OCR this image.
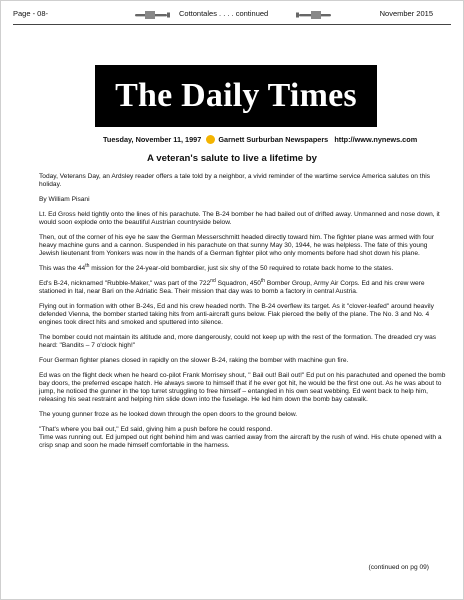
Page - 08-	Cottontales . . . . continued	November 2015
The Daily Times
Tuesday, November 11, 1997 Garnett Surburban Newspapers http://www.nynews.com
A veteran's salute to live a lifetime by

Today, Veterans Day, an Ardsley reader offers a tale told by a neighbor, a vivid reminder of the wartime service America salutes on this holiday.

By William Pisani

Lt. Ed Gross held tightly onto the lines of his parachute. The B-24 bomber he had bailed out of drifted away. Unmanned and nose down, it would soon explode onto the beautiful Austrian countryside below.

Then, out of the corner of his eye he saw the German Messerschmitt headed directly toward him. The fighter plane was armed with four heavy machine guns and a cannon. Suspended in his parachute on that sunny May 30, 1944, he was helpless. The fate of this young Jewish lieutenant from Yonkers was now in the hands of a German fighter pilot who only moments before had shot down his plane.

This was the 44th mission for the 24-year-old bombardier, just six shy of the 50 required to rotate back home to the states.

Ed's B-24, nicknamed "Rubble-Maker," was part of the 722nd Squadron, 450th Bomber Group, Army Air Corps. Ed and his crew were stationed in Ital, near Bari on the Adriatic Sea. Their mission that day was to bomb a factory in central Austria.

Flying out in formation with other B-24s, Ed and his crew headed north. The B-24 overflew its target. As it "clover-leafed" around heavily defended Vienna, the bomber started taking hits from anti-aircraft guns below. Flak pierced the belly of the plane. The No. 3 and No. 4 engines took direct hits and smoked and sputtered into silence.

The bomber could not maintain its altitude and, more dangerously, could not keep up with the rest of the formation. The dreaded cry was heard: "Bandits – 7 o'clock high!"

Four German fighter planes closed in rapidly on the slower B-24, raking the bomber with machine gun fire.

Ed was on the flight deck when he heard co-pilot Frank Morrisey shout, " Bail out! Bail out!" Ed put on his parachuted and opened the bomb bay doors, the preferred escape hatch. He always swore to himself that if he ever got hit, he would be the first one out. As he was about to jump, he noticed the gunner in the top turret struggling to free himself – entangled in his own seat webbing. Ed went back to help him, releasing his seat restraint and helping him slide down into the fuselage. He led him down the bomb bay catwalk.

The young gunner froze as he looked down through the open doors to the ground below.

"That's where you bail out," Ed said, giving him a push before he could respond.

Time was running out. Ed jumped out right behind him and was carried away from the aircraft by the rush of wind. His chute opened with a crisp snap and soon he made himself comfortable in the harness.

(continued on pg 09)
